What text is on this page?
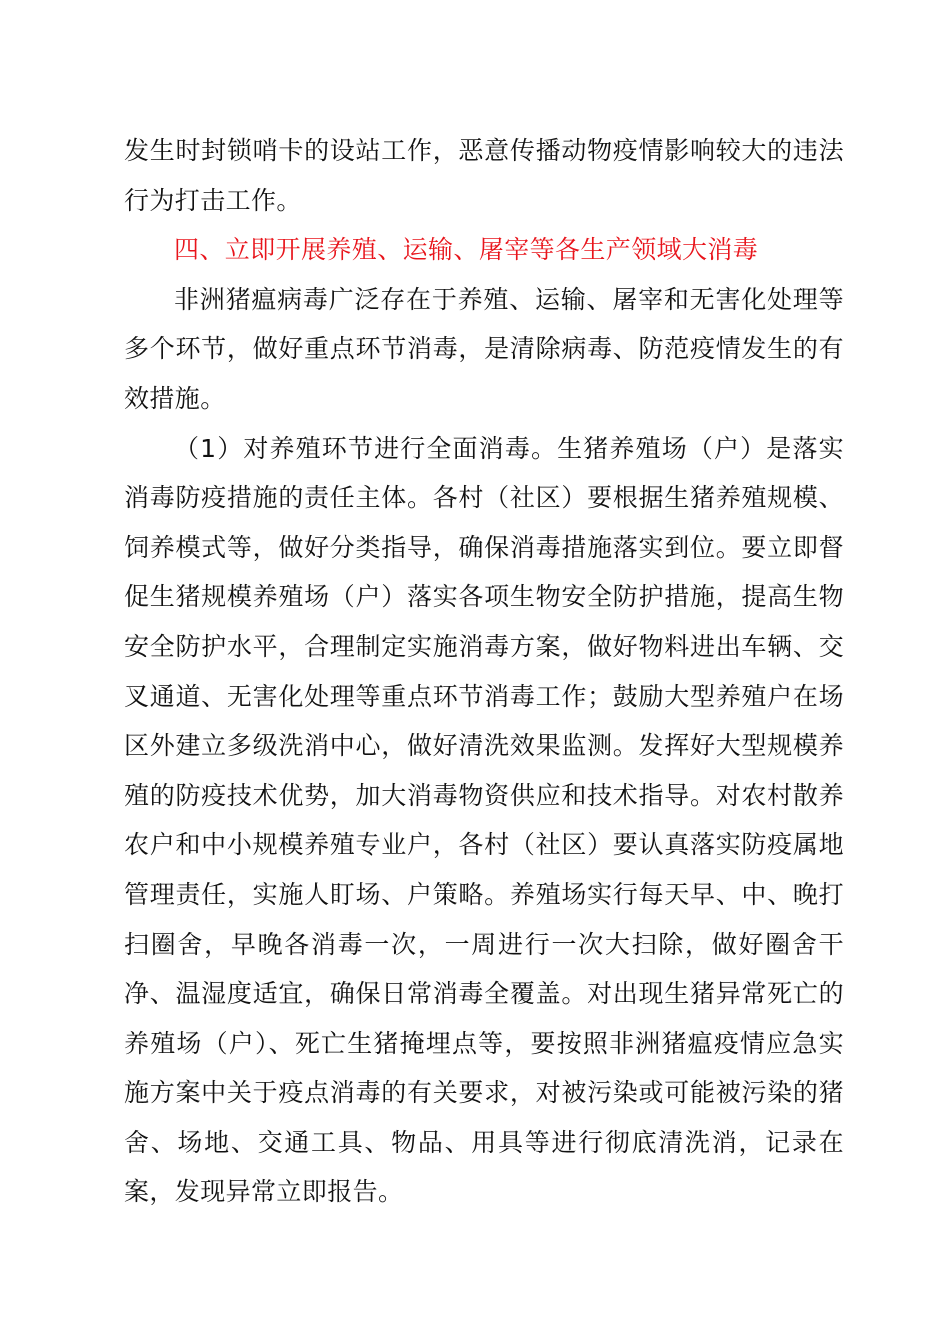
发生时封锁哨卡的设站工作，恶意传播动物疫情影响较大的违法行为打击工作。

四、立即开展养殖、运输、屠宰等各生产领域大消毒

非洲猪瘟病毒广泛存在于养殖、运输、屠宰和无害化处理等多个环节，做好重点环节消毒，是清除病毒、防范疫情发生的有效措施。

（1）对养殖环节进行全面消毒。生猪养殖场（户）是落实消毒防疫措施的责任主体。各村（社区）要根据生猪养殖规模、饲养模式等，做好分类指导，确保消毒措施落实到位。要立即督促生猪规模养殖场（户）落实各项生物安全防护措施，提高生物安全防护水平，合理制定实施消毒方案，做好物料进出车辆、交叉通道、无害化处理等重点环节消毒工作；鼓励大型养殖户在场区外建立多级洗消中心，做好清洗效果监测。发挥好大型规模养殖的防疫技术优势，加大消毒物资供应和技术指导。对农村散养农户和中小规模养殖专业户，各村（社区）要认真落实防疫属地管理责任，实施人盯场、户策略。养殖场实行每天早、中、晚打扫圈舍，早晚各消毒一次，一周进行一次大扫除，做好圈舍干净、温湿度适宜，确保日常消毒全覆盖。对出现生猪异常死亡的养殖场（户）、死亡生猪掩埋点等，要按照非洲猪瘟疫情应急实施方案中关于疫点消毒的有关要求，对被污染或可能被污染的猪舍、场地、交通工具、物品、用具等进行彻底清洗消，记录在案，发现异常立即报告。
